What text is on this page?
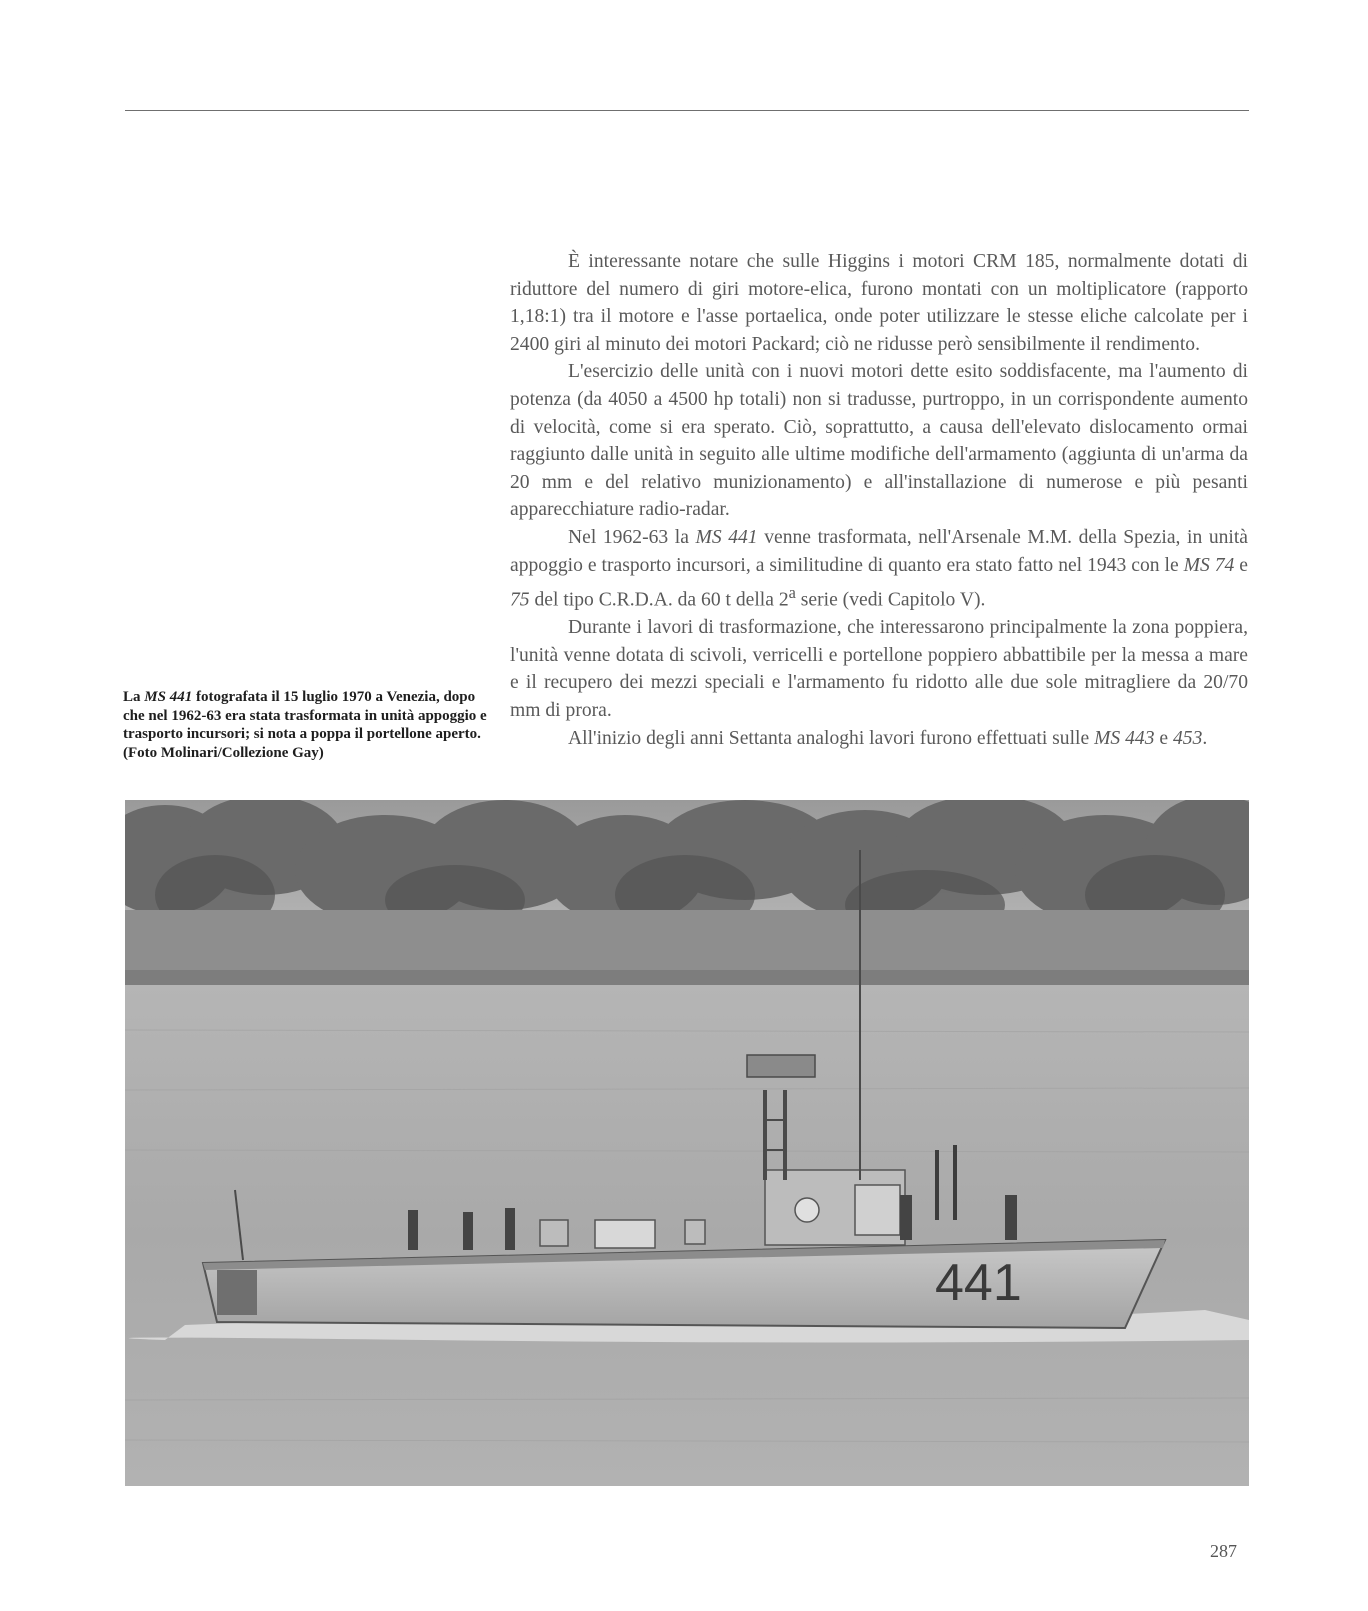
La MS 441 fotografata il 15 luglio 1970 a Venezia, dopo che nel 1962-63 era stata trasformata in unità appoggio e trasporto incursori; si nota a poppa il portellone aperto.

(Foto Molinari/Collezione Gay)

È interessante notare che sulle Higgins i motori CRM 185, normalmente dotati di riduttore del numero di giri motore-elica, furono montati con un moltiplicatore (rapporto 1,18:1) tra il motore e l'asse portaelica, onde poter utilizzare le stesse eliche calcolate per i 2400 giri al minuto dei motori Packard; ciò ne ridusse però sensibilmente il rendimento.

L'esercizio delle unità con i nuovi motori dette esito soddisfacente, ma l'aumento di potenza (da 4050 a 4500 hp totali) non si tradusse, purtroppo, in un corrispondente aumento di velocità, come si era sperato. Ciò, soprattutto, a causa dell'elevato dislocamento ormai raggiunto dalle unità in seguito alle ultime modifiche dell'armamento (aggiunta di un'arma da 20 mm e del relativo munizionamento) e all'installazione di numerose e più pesanti apparecchiature radio-radar.

Nel 1962-63 la MS 441 venne trasformata, nell'Arsenale M.M. della Spezia, in unità appoggio e trasporto incursori, a similitudine di quanto era stato fatto nel 1943 con le MS 74 e 75 del tipo C.R.D.A. da 60 t della 2$^a$ serie (vedi Capitolo V).

Durante i lavori di trasformazione, che interessarono principalmente la zona poppiera, l'unità venne dotata di scivoli, verricelli e portellone poppiero abbattibile per la messa a mare e il recupero dei mezzi speciali e l'armamento fu ridotto alle due sole mitragliere da 20/70 mm di prora.

All'inizio degli anni Settanta analoghi lavori furono effettuati sulle MS 443 e 453.

441
287
